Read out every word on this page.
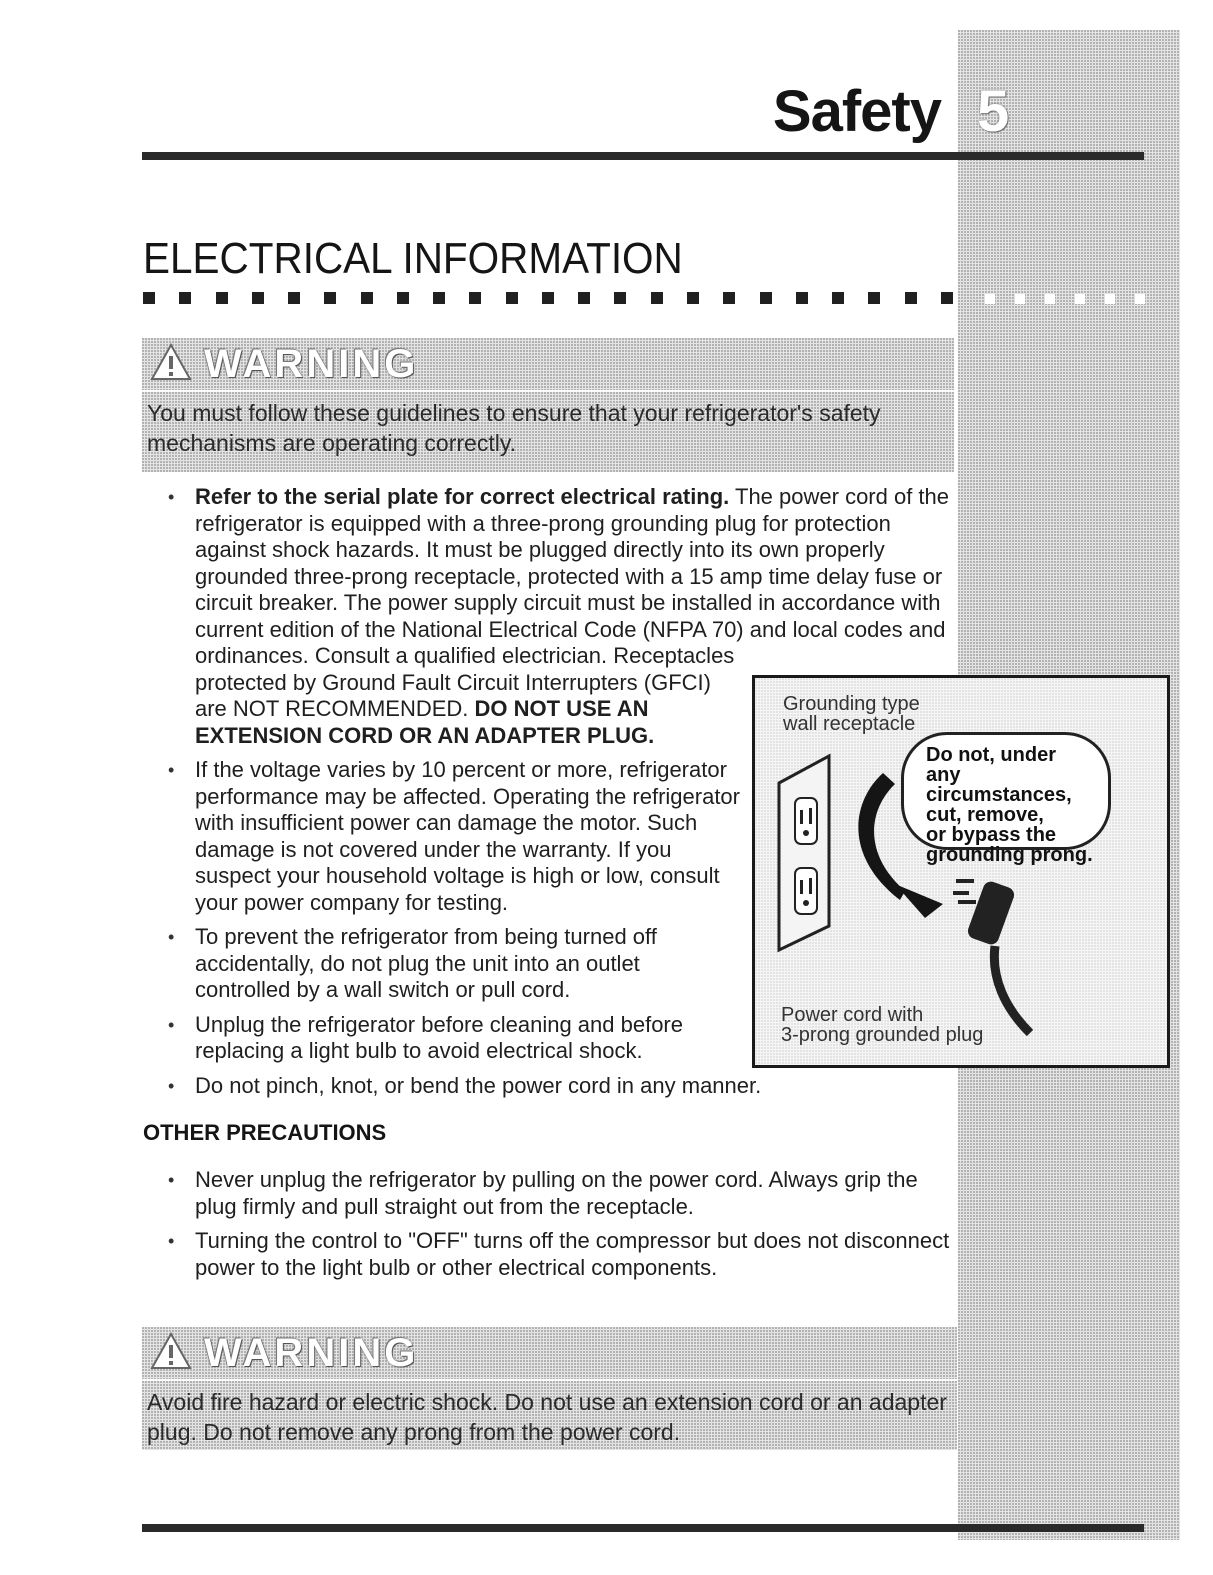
Safety 5
ELECTRICAL INFORMATION
WARNING

You must follow these guidelines to ensure that your refrigerator's safety mechanisms are operating correctly.

• Refer to the serial plate for correct electrical rating. The power cord of the refrigerator is equipped with a three-prong grounding plug for protection against shock hazards. It must be plugged directly into its own properly grounded three-prong receptacle, protected with a 15 amp time delay fuse or circuit breaker. The power supply circuit must be installed in accordance with current edition of the National Electrical Code (NFPA 70) and local codes and ordinances. Consult a qualified electrician. Receptacles
protected by Ground Fault Circuit Interrupters (GFCI) are NOT RECOMMENDED. DO NOT USE AN EXTENSION CORD OR AN ADAPTER PLUG.
• If the voltage varies by 10 percent or more, refrigerator performance may be affected. Operating the refrigerator with insufficient power can damage the motor. Such damage is not covered under the warranty. If you suspect your household voltage is high or low, consult your power company for testing.
• To prevent the refrigerator from being turned off accidentally, do not plug the unit into an outlet controlled by a wall switch or pull cord.
• Unplug the refrigerator before cleaning and before replacing a light bulb to avoid electrical shock.
• Do not pinch, knot, or bend the power cord in any manner.
Grounding type
wall receptacle
Do not, under
any circumstances,
cut, remove,
or bypass the
grounding prong.
Power cord with
3-prong grounded plug
OTHER PRECAUTIONS
• Never unplug the refrigerator by pulling on the power cord. Always grip the plug firmly and pull straight out from the receptacle.
• Turning the control to "OFF" turns off the compressor but does not disconnect power to the light bulb or other electrical components.
WARNING

Avoid fire hazard or electric shock. Do not use an extension cord or an adapter plug. Do not remove any prong from the power cord.
